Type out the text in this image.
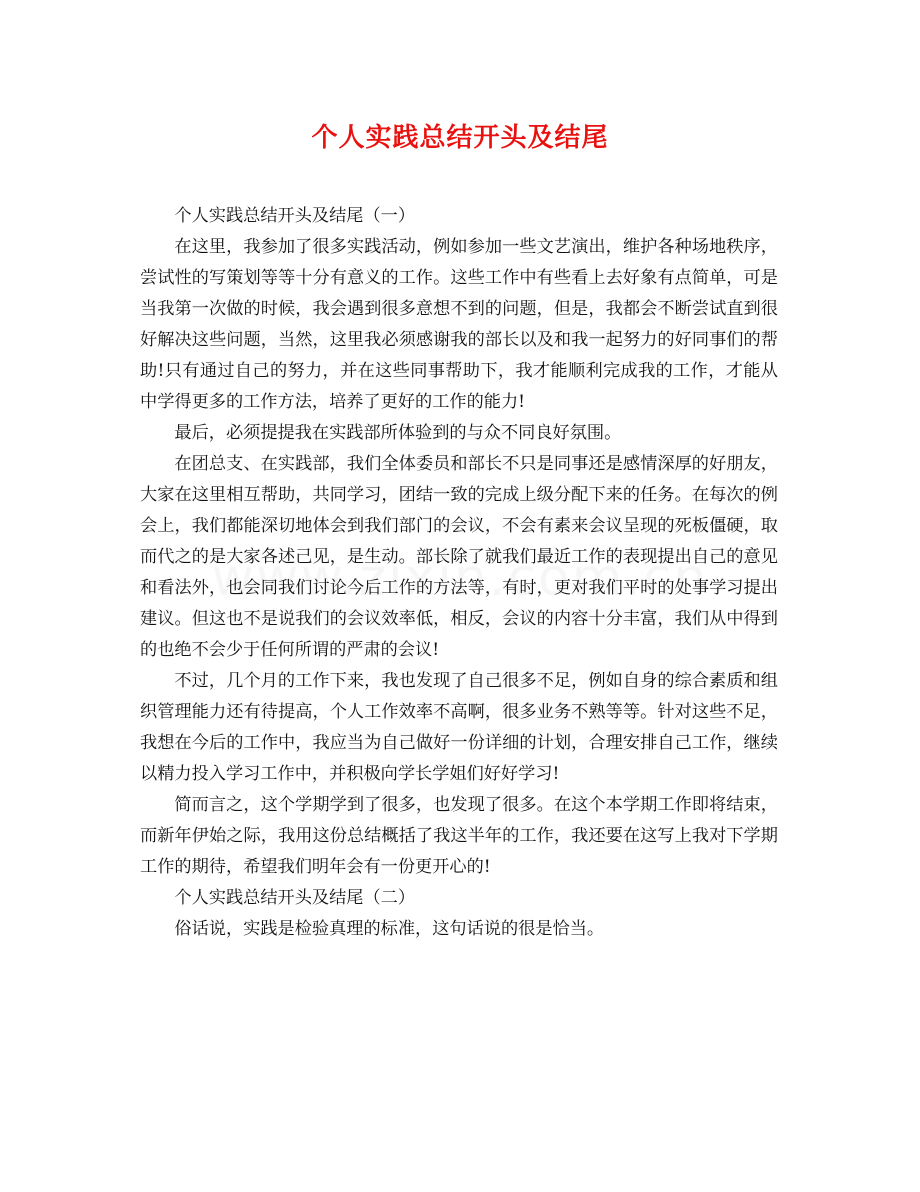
个人实践总结开头及结尾

个人实践总结开头及结尾（一）

在这里，我参加了很多实践活动，例如参加一些文艺演出，维护各种场地秩序，尝试性的写策划等等十分有意义的工作。这些工作中有些看上去好象有点简单，可是当我第一次做的时候，我会遇到很多意想不到的问题，但是，我都会不断尝试直到很好解决这些问题，当然，这里我必须感谢我的部长以及和我一起努力的好同事们的帮助!只有通过自己的努力，并在这些同事帮助下，我才能顺利完成我的工作，才能从中学得更多的工作方法，培养了更好的工作的能力!

最后，必须提提我在实践部所体验到的与众不同良好氛围。

在团总支、在实践部，我们全体委员和部长不只是同事还是感情深厚的好朋友，大家在这里相互帮助，共同学习，团结一致的完成上级分配下来的任务。在每次的例会上，我们都能深切地体会到我们部门的会议，不会有素来会议呈现的死板僵硬，取而代之的是大家各述己见，是生动。部长除了就我们最近工作的表现提出自己的意见和看法外，也会同我们讨论今后工作的方法等，有时，更对我们平时的处事学习提出建议。但这也不是说我们的会议效率低，相反，会议的内容十分丰富，我们从中得到的也绝不会少于任何所谓的严肃的会议!

不过，几个月的工作下来，我也发现了自己很多不足，例如自身的综合素质和组织管理能力还有待提高，个人工作效率不高啊，很多业务不熟等等。针对这些不足，我想在今后的工作中，我应当为自己做好一份详细的计划，合理安排自己工作，继续以精力投入学习工作中，并积极向学长学姐们好好学习!

简而言之，这个学期学到了很多，也发现了很多。在这个本学期工作即将结束，而新年伊始之际，我用这份总结概括了我这半年的工作，我还要在这写上我对下学期工作的期待，希望我们明年会有一份更开心的!

个人实践总结开头及结尾（二）

俗话说，实践是检验真理的标准，这句话说的很是恰当。
